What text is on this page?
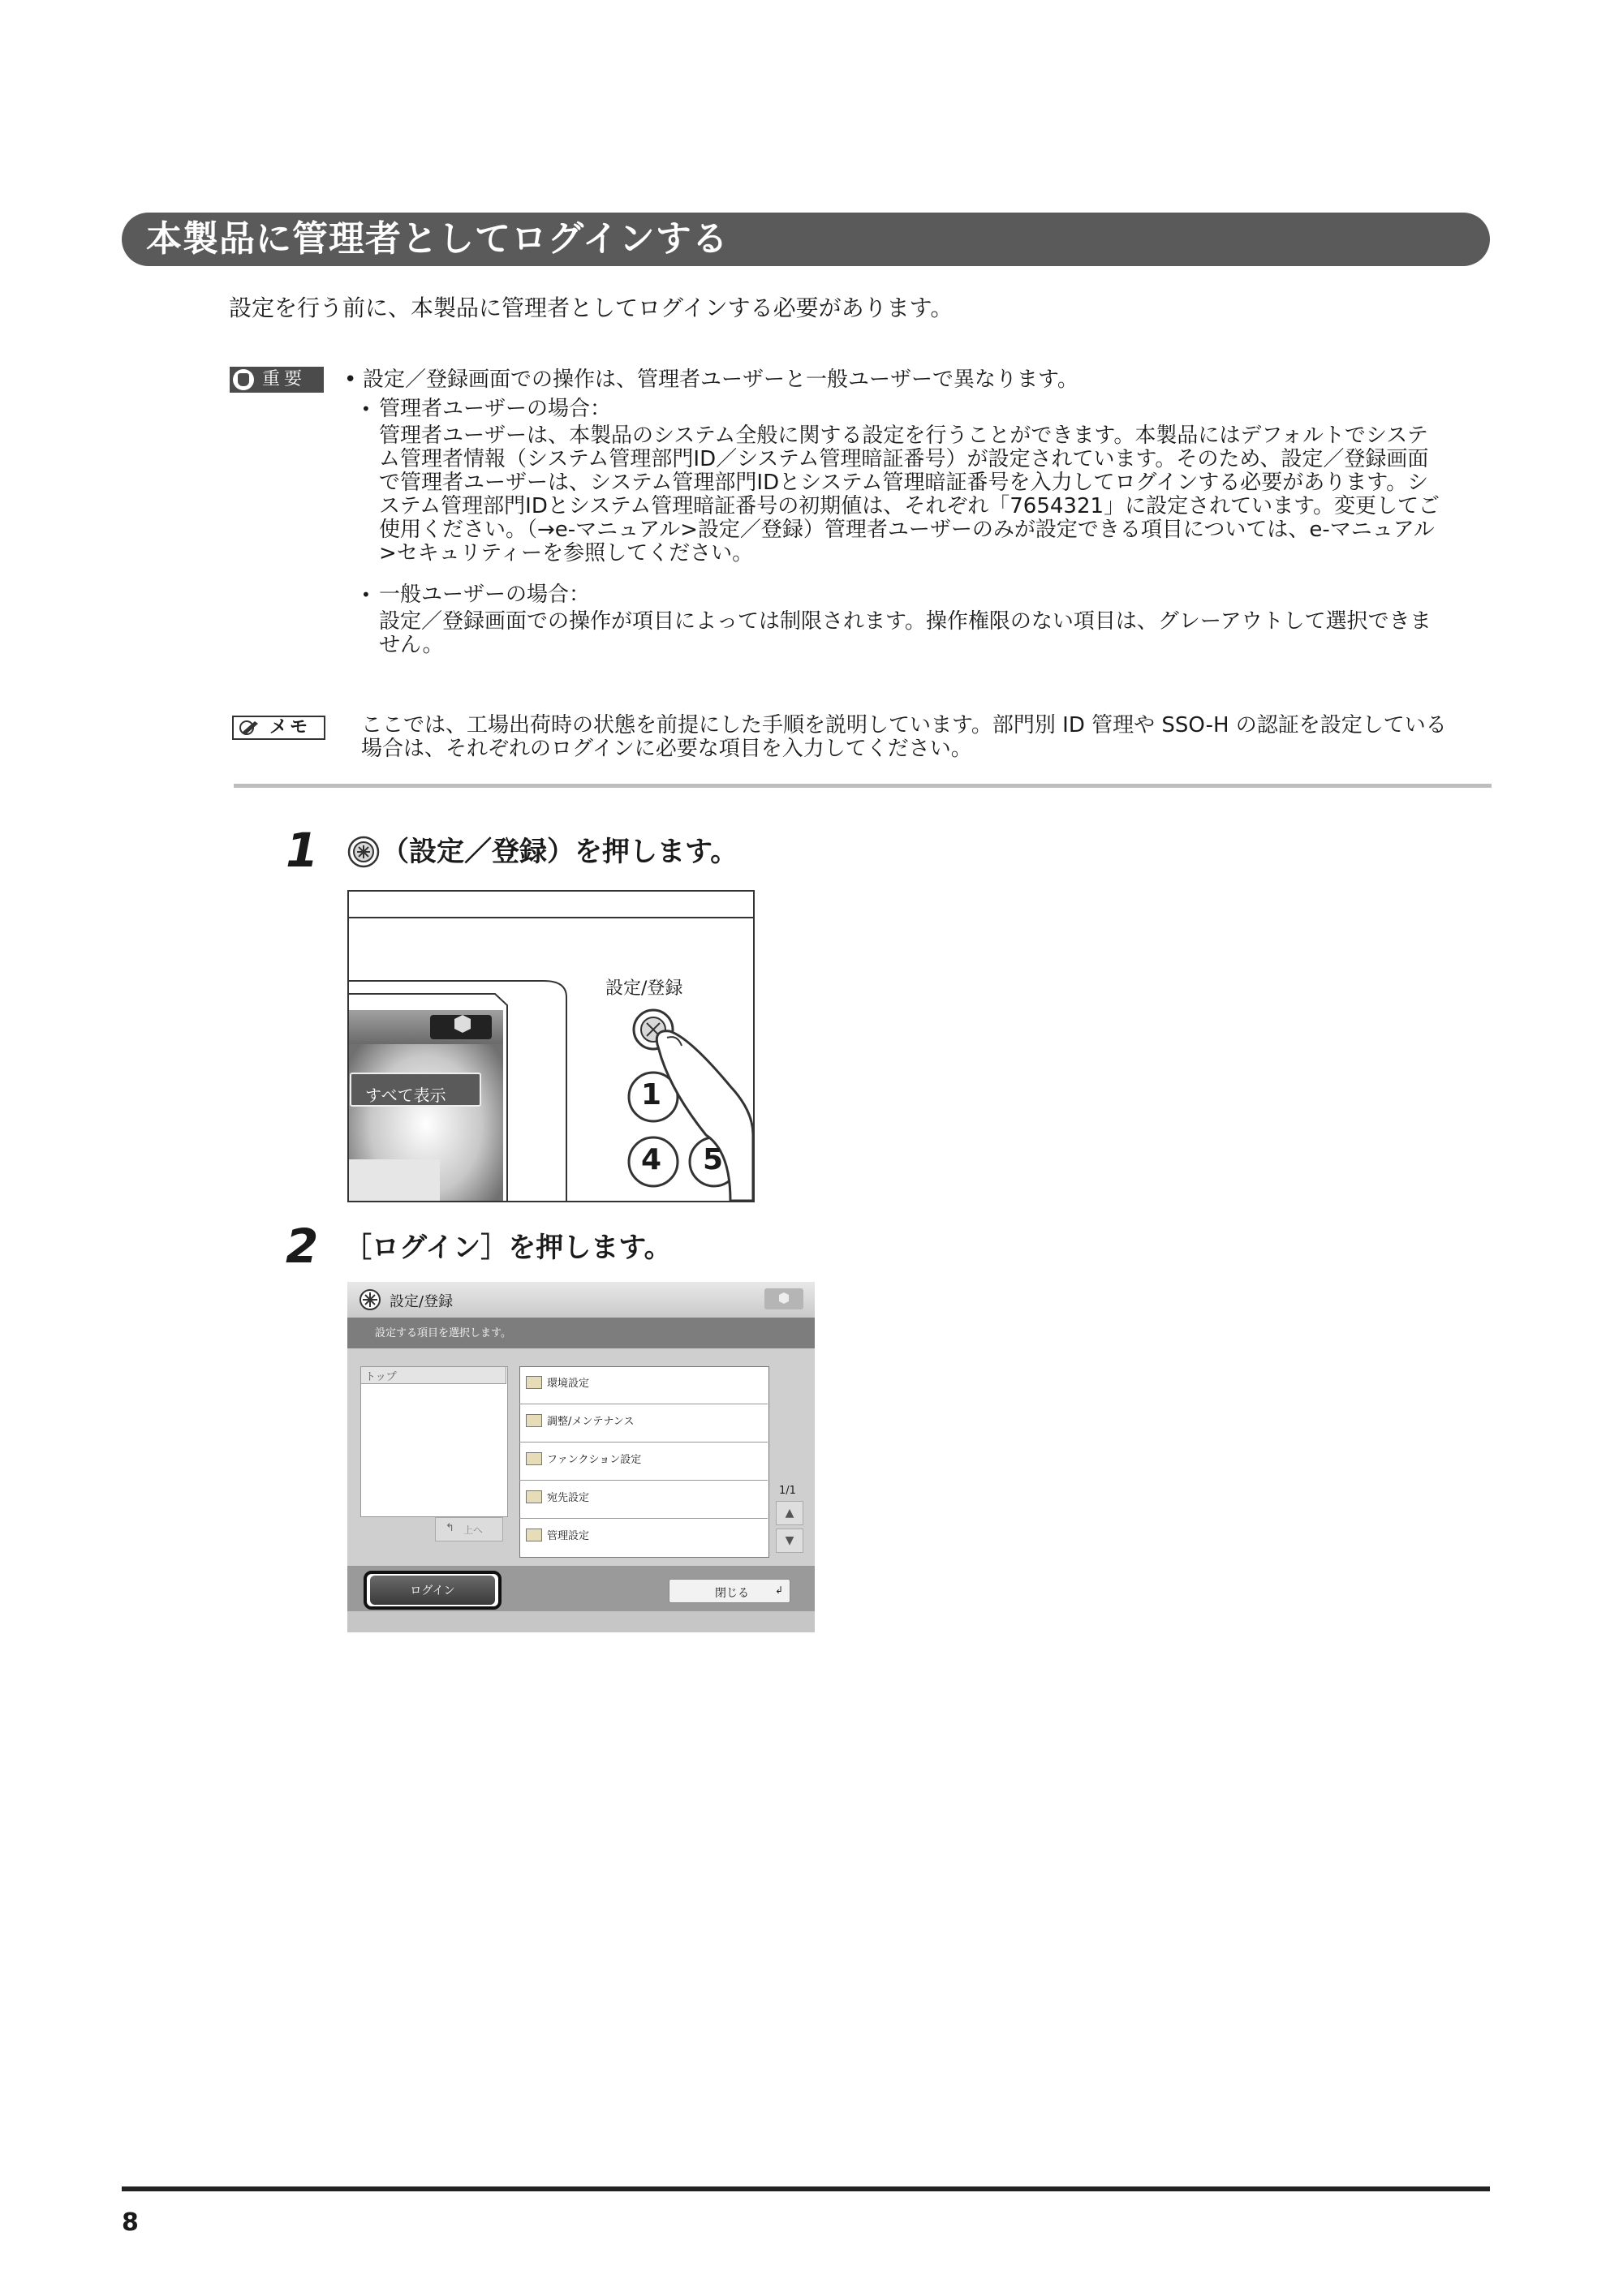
本製品に管理者としてログインする
設定を行う前に、本製品に管理者としてログインする必要があります。
重要
•	設定／登録画面での操作は、管理者ユーザーと一般ユーザーで異なります。
• 管理者ユーザーの場合：
管理者ユーザーは、本製品のシステム全般に関する設定を行うことができます。本製品にはデフォルトでシステ
ム管理者情報（システム管理部門ID／システム管理暗証番号）が設定されています。そのため、設定／登録画面
で管理者ユーザーは、システム管理部門IDとシステム管理暗証番号を入力してログインする必要があります。シ
ステム管理部門IDとシステム管理暗証番号の初期値は、それぞれ「7654321」に設定されています。変更してご
使用ください。（→e-マニュアル>設定／登録）管理者ユーザーのみが設定できる項目については、e-マニュアル
>セキュリティーを参照してください。
• 一般ユーザーの場合：
設定／登録画面での操作が項目によっては制限されます。操作権限のない項目は、グレーアウトして選択できま
せん。
メモ	ここでは、工場出荷時の状態を前提にした手順を説明しています。部門別 ID 管理や SSO-H の認証を設定している
場合は、それぞれのログインに必要な項目を入力してください。
1 （設定／登録）を押します。
設定/登録
すべて表示	1
4 5
2 ［ログイン］を押します。
設定/登録
設定する項目を選択します。
トップ
↰ 上へ
環境設定
調整/メンテナンス
ファンクション設定
宛先設定
管理設定
1/1
▲
▼
ログイン	閉じる	↲
8
